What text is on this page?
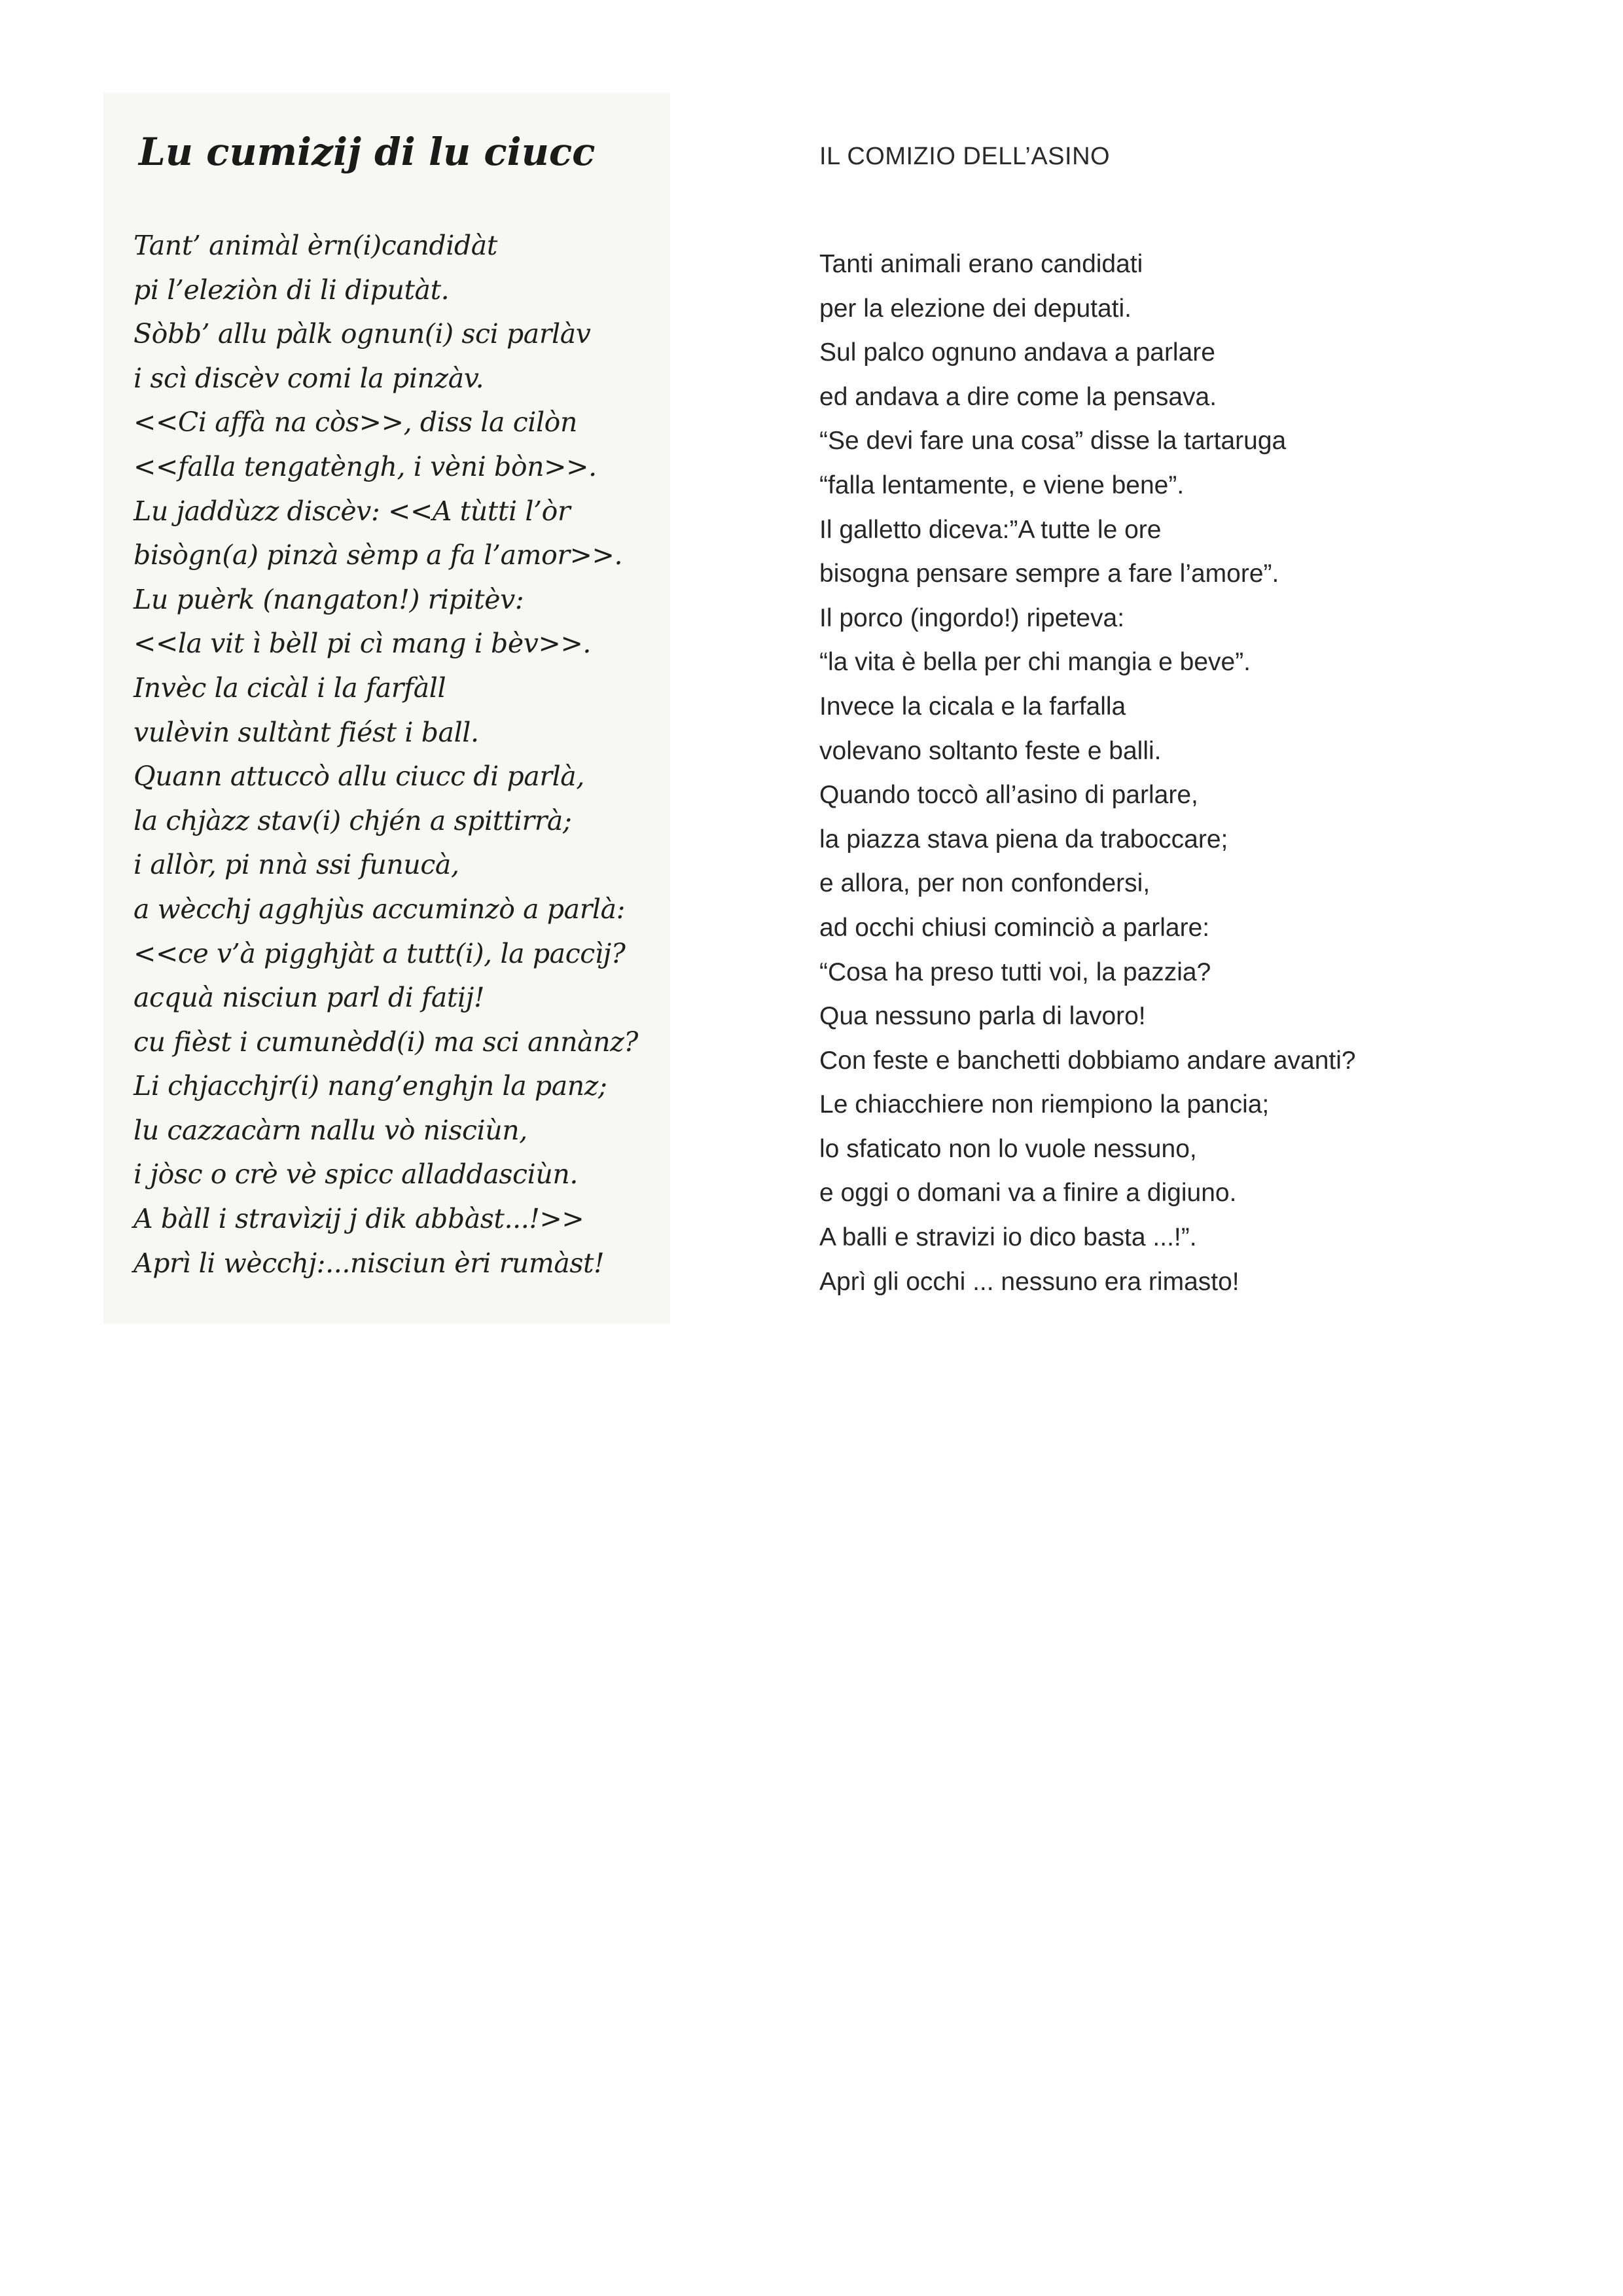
Lu cumizij di lu ciucc
Tant’ animàl èrn(i)candidàt
pi l’eleziòn di li diputàt.
Sòbb’ allu pàlk ognun(i) sci parlàv
i scì discèv comi la pinzàv.
<<Ci affà na còs>>, diss la cilòn
<<falla tengatèngh, i vèni bòn>>.
Lu jaddùzz discèv: <<A tùtti l’òr
bisògn(a) pinzà sèmp a fa l’amor>>.
Lu puèrk (nangaton!) ripitèv:
<<la vit ì bèll pi cì mang i bèv>>.
Invèc la cicàl i la farfàll
vulèvin sultànt fiést i ball.
Quann attuccò allu ciucc di parlà,
la chjàzz stav(i) chjén a spittirrà;
i allòr, pi nnà ssi funucà,
a wècchj agghjùs accuminzò a parlà:
<<ce v’à pigghjàt a tutt(i), la paccìj?
acquà nisciun parl di fatij!
cu fièst i cumunèdd(i) ma sci annànz?
Li chjacchjr(i) nang’enghjn la panz;
lu cazzacàrn nallu vò nisciùn,
i jòsc o crè vè spicc alladdasciùn.
A bàll i stravìzij j dik abbàst...!>>
Aprì li wècchj:...nisciun èri rumàst!
IL COMIZIO DELL’ASINO
Tanti animali erano candidati
per la elezione dei deputati.
Sul palco ognuno andava a parlare
ed andava a dire come la pensava.
“Se devi fare una cosa” disse la tartaruga
“falla lentamente, e viene bene”.
Il galletto diceva:”A tutte le ore
bisogna pensare sempre a fare l’amore”.
Il porco (ingordo!) ripeteva:
“la vita è bella per chi mangia e beve”.
Invece la cicala e la farfalla
volevano soltanto feste e balli.
Quando toccò all’asino di parlare,
la piazza stava piena da traboccare;
e allora, per non confondersi,
ad occhi chiusi cominciò a parlare:
“Cosa ha preso tutti voi, la pazzia?
Qua nessuno parla di lavoro!
Con feste e banchetti dobbiamo andare avanti?
Le chiacchiere non riempiono la pancia;
lo sfaticato non lo vuole nessuno,
e oggi o domani va a finire a digiuno.
A balli e stravizi io dico basta ...!”.
Aprì gli occhi ... nessuno era rimasto!
